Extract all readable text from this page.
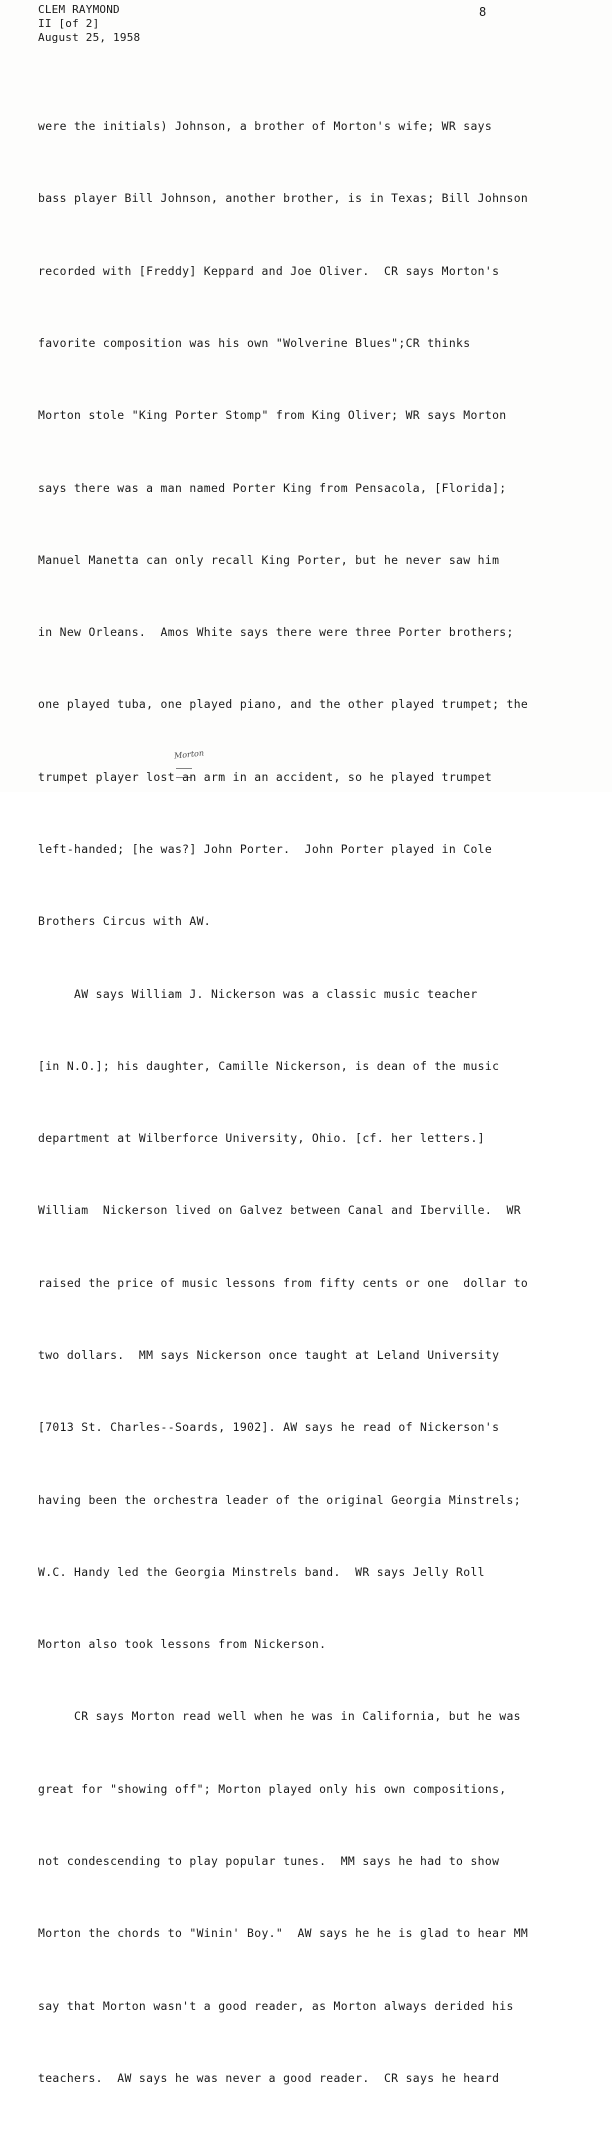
CLEM RAYMOND
II [of 2]
August 25, 1958
8

were the initials) Johnson, a brother of Morton's wife; WR says

bass player Bill Johnson, another brother, is in Texas; Bill Johnson

recorded with [Freddy] Keppard and Joe Oliver.  CR says Morton's

favorite composition was his own "Wolverine Blues";CR thinks

Morton stole "King Porter Stomp" from King Oliver; WR says Morton

says there was a man named Porter King from Pensacola, [Florida];

Manuel Manetta can only recall King Porter, but he never saw him

in New Orleans.  Amos White says there were three Porter brothers;

one played tuba, one played piano, and the other played trumpet; the

trumpet player lost an arm in an accident, so he played trumpet

left-handed; [he was?] John Porter.  John Porter played in Cole

Brothers Circus with AW.

AW says William J. Nickerson was a classic music teacher

[in N.O.]; his daughter, Camille Nickerson, is dean of the music

department at Wilberforce University, Ohio. [cf. her letters.]

William  Nickerson lived on Galvez between Canal and Iberville.  WR

raised the price of music lessons from fifty cents or one  dollar to

two dollars.  MM says Nickerson once taught at Leland University

[7013 St. Charles--Soards, 1902]. AW says he read of Nickerson's

having been the orchestra leader of the original Georgia Minstrels;

W.C. Handy led the Georgia Minstrels band.  WR says Jelly Roll

Morton also took lessons from Nickerson.

CR says Morton read well when he was in California, but he was

great for "showing off"; Morton played only his own compositions,

not condescending to play popular tunes.  MM says he had to show

Morton the chords to "Winin' Boy."  AW says he he is glad to hear MM

say that Morton wasn't a good reader, as Morton always derided his

teachers.  AW says he was never a good reader.  CR says he heard

Morton
